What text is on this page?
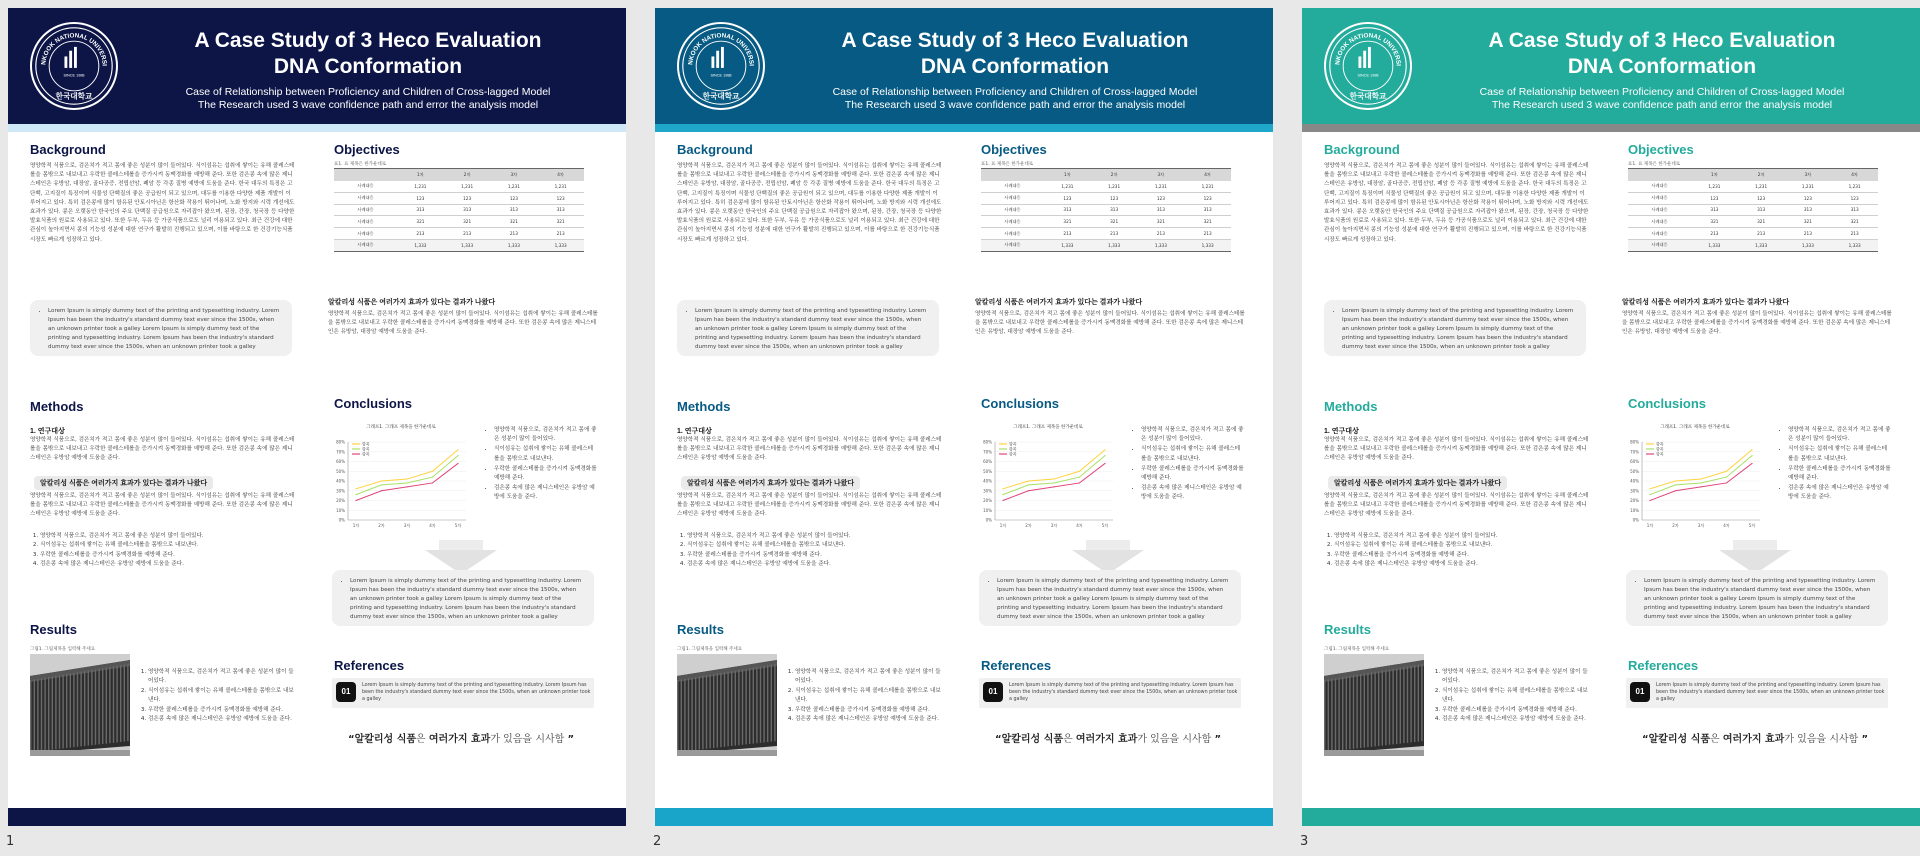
NKOOK NATIONAL UNIVERSI
SINCE 1988
한국대학교
A Case Study of 3 Heco Evaluation
DNA Conformation
Case of Relationship between Proficiency and Children of Cross-lagged Model
The Research used 3 wave confidence path and error the analysis model
Background
영양학적 식품으로, 검은치가 적고 몸에 좋은 성분이 많이 들어있다. 식이섬유는 섭취에 쌓이는 유해 콜레스테롤을 몸밖으로 내보내고 우락한 콜레스테롤을 증가시켜 동맥경화를 예방해 준다. 또한 검은콩 속에 많은 제니스테인은 유방암, 대장암, 골다공증, 전립선암, 폐암 등 각종 질병 예방에 도움을 준다. 한국 대두의 특징은 고단백, 고지질이 특징이며 식물성 단백질의 좋은 공급원이 되고 있으며, 대두를 이용한 다양한 제품 개발이 이루어지고 있다. 특히 검은콩에 많이 함유된 안토시아닌은 항산화 작용이 뛰어나며, 노화 방지와 시력 개선에도 효과가 있다. 콩은 오랫동안 한국인의 주요 단백질 공급원으로 자리잡아 왔으며, 된장, 간장, 청국장 등 다양한 발효식품의 원료로 사용되고 있다. 또한 두부, 두유 등 가공식품으로도 널리 이용되고 있다. 최근 건강에 대한 관심이 높아지면서 콩의 기능성 성분에 대한 연구가 활발히 진행되고 있으며, 이를 바탕으로 한 건강기능식품 시장도 빠르게 성장하고 있다.
• Lorem Ipsum is simply dummy text of the printing and typesetting industry. Lorem Ipsum has been the industry's standard dummy text ever since the 1500s, when an unknown printer took a galley Lorem Ipsum is simply dummy text of the printing and typesetting industry. Lorem Ipsum has been the industry's standard dummy text ever since the 1500s, when an unknown printer took a galley
Methods
1. 연구대상
영양학적 식품으로, 검은치가 적고 몸에 좋은 성분이 많이 들어있다. 식이섬유는 섭취에 쌓이는 유해 콜레스테롤을 몸밖으로 내보내고 우락한 콜레스테롤을 증가시켜 동맥경화를 예방해 준다. 또한 검은콩 속에 많은 제니스테인은 유방암 예방에 도움을 준다.
알칼리성 식품은 여러가지 효과가 있다는 결과가 나왔다
영양학적 식품으로, 검은치가 적고 몸에 좋은 성분이 많이 들어있다. 식이섬유는 섭취에 쌓이는 유해 콜레스테롤을 몸밖으로 내보내고 우락한 콜레스테롤을 증가시켜 동맥경화를 예방해 준다. 또한 검은콩 속에 많은 제니스테인은 유방암 예방에 도움을 준다.
1. 영양학적 식품으로, 검은치가 적고 몸에 좋은 성분이 많이 들어있다.
2. 식이섬유는 섭취에 쌓이는 유해 콜레스테롤을 몸밖으로 내보낸다.
3. 우락한 콜레스테롤을 증가시켜 동맥경화를 예방해 준다.
4. 검은콩 속에 많은 제니스테인은 유방암 예방에 도움을 준다.
Results
그림1. 그림제목을 입력해 주세요
1. 영양학적 식품으로, 검은치가 적고 몸에 좋은 성분이 많이 들어있다.
2. 식이섬유는 섭취에 쌓이는 유해 콜레스테롤을 몸밖으로 내보낸다.
3. 우락한 콜레스테롤을 증가시켜 동맥경화를 예방해 준다.
4. 검은콩 속에 많은 제니스테인은 유방암 예방에 도움을 준다.
Objectives
표1. 표 제목은 한가운데로
	1차	2차	3차	4차
사례대응	1,231	1,231	1,231	1,231
사례대응	123	123	123	123
사례대응	313	313	313	313
사례대응	321	321	321	321
사례대응	213	213	213	213
사례대응	1,333	1,333	1,333	1,333
알칼리성 식품은 여러가지 효과가 있다는 결과가 나왔다
영양학적 식품으로, 검은치가 적고 몸에 좋은 성분이 많이 들어있다. 식이섬유는 섭취에 쌓이는 유해 콜레스테롤을 몸밖으로 내보내고 우락한 콜레스테롤을 증가시켜 동맥경화를 예방해 준다. 또한 검은콩 속에 많은 제니스테인은 유방암, 대장암 예방에 도움을 준다.
Conclusions
그래프1. 그래프 제목을 한가운데로
0%
10%
20%
30%
40%
50%
60%
70%
80%
1차	2차	3차	4차	5차
항목
항목
항목
• 영양학적 식품으로, 검은치가 적고 몸에 좋은 성분이 많이 들어있다.
• 식이섬유는 섭취에 쌓이는 유해 콜레스테롤을 몸밖으로 내보낸다.
• 우락한 콜레스테롤을 증가시켜 동맥경화를 예방해 준다.
• 검은콩 속에 많은 제니스테인은 유방암 예방에 도움을 준다.
• Lorem Ipsum is simply dummy text of the printing and typesetting industry. Lorem Ipsum has been the industry's standard dummy text ever since the 1500s, when an unknown printer took a galley Lorem Ipsum is simply dummy text of the printing and typesetting industry. Lorem Ipsum has been the industry's standard dummy text ever since the 1500s, when an unknown printer took a galley
References
01
Lorem Ipsum is simply dummy text of the printing and typesetting industry. Lorem Ipsum has been the industry's standard dummy text ever since the 1500s, when an unknown printer took a galley
“알칼리성 식품은 여러가지 효과가 있음을 시사함 ”
1
NKOOK NATIONAL UNIVERSI
SINCE 1988
한국대학교
A Case Study of 3 Heco Evaluation
DNA Conformation
Case of Relationship between Proficiency and Children of Cross-lagged Model
The Research used 3 wave confidence path and error the analysis model
Background
영양학적 식품으로, 검은치가 적고 몸에 좋은 성분이 많이 들어있다. 식이섬유는 섭취에 쌓이는 유해 콜레스테롤을 몸밖으로 내보내고 우락한 콜레스테롤을 증가시켜 동맥경화를 예방해 준다. 또한 검은콩 속에 많은 제니스테인은 유방암, 대장암, 골다공증, 전립선암, 폐암 등 각종 질병 예방에 도움을 준다. 한국 대두의 특징은 고단백, 고지질이 특징이며 식물성 단백질의 좋은 공급원이 되고 있으며, 대두를 이용한 다양한 제품 개발이 이루어지고 있다. 특히 검은콩에 많이 함유된 안토시아닌은 항산화 작용이 뛰어나며, 노화 방지와 시력 개선에도 효과가 있다. 콩은 오랫동안 한국인의 주요 단백질 공급원으로 자리잡아 왔으며, 된장, 간장, 청국장 등 다양한 발효식품의 원료로 사용되고 있다. 또한 두부, 두유 등 가공식품으로도 널리 이용되고 있다. 최근 건강에 대한 관심이 높아지면서 콩의 기능성 성분에 대한 연구가 활발히 진행되고 있으며, 이를 바탕으로 한 건강기능식품 시장도 빠르게 성장하고 있다.
• Lorem Ipsum is simply dummy text of the printing and typesetting industry. Lorem Ipsum has been the industry's standard dummy text ever since the 1500s, when an unknown printer took a galley Lorem Ipsum is simply dummy text of the printing and typesetting industry. Lorem Ipsum has been the industry's standard dummy text ever since the 1500s, when an unknown printer took a galley
Methods
1. 연구대상
영양학적 식품으로, 검은치가 적고 몸에 좋은 성분이 많이 들어있다. 식이섬유는 섭취에 쌓이는 유해 콜레스테롤을 몸밖으로 내보내고 우락한 콜레스테롤을 증가시켜 동맥경화를 예방해 준다. 또한 검은콩 속에 많은 제니스테인은 유방암 예방에 도움을 준다.
알칼리성 식품은 여러가지 효과가 있다는 결과가 나왔다
영양학적 식품으로, 검은치가 적고 몸에 좋은 성분이 많이 들어있다. 식이섬유는 섭취에 쌓이는 유해 콜레스테롤을 몸밖으로 내보내고 우락한 콜레스테롤을 증가시켜 동맥경화를 예방해 준다. 또한 검은콩 속에 많은 제니스테인은 유방암 예방에 도움을 준다.
1. 영양학적 식품으로, 검은치가 적고 몸에 좋은 성분이 많이 들어있다.
2. 식이섬유는 섭취에 쌓이는 유해 콜레스테롤을 몸밖으로 내보낸다.
3. 우락한 콜레스테롤을 증가시켜 동맥경화를 예방해 준다.
4. 검은콩 속에 많은 제니스테인은 유방암 예방에 도움을 준다.
Results
그림1. 그림제목을 입력해 주세요
1. 영양학적 식품으로, 검은치가 적고 몸에 좋은 성분이 많이 들어있다.
2. 식이섬유는 섭취에 쌓이는 유해 콜레스테롤을 몸밖으로 내보낸다.
3. 우락한 콜레스테롤을 증가시켜 동맥경화를 예방해 준다.
4. 검은콩 속에 많은 제니스테인은 유방암 예방에 도움을 준다.
Objectives
표1. 표 제목은 한가운데로
	1차	2차	3차	4차
사례대응	1,231	1,231	1,231	1,231
사례대응	123	123	123	123
사례대응	313	313	313	313
사례대응	321	321	321	321
사례대응	213	213	213	213
사례대응	1,333	1,333	1,333	1,333
알칼리성 식품은 여러가지 효과가 있다는 결과가 나왔다
영양학적 식품으로, 검은치가 적고 몸에 좋은 성분이 많이 들어있다. 식이섬유는 섭취에 쌓이는 유해 콜레스테롤을 몸밖으로 내보내고 우락한 콜레스테롤을 증가시켜 동맥경화를 예방해 준다. 또한 검은콩 속에 많은 제니스테인은 유방암, 대장암 예방에 도움을 준다.
Conclusions
그래프1. 그래프 제목을 한가운데로
0%
10%
20%
30%
40%
50%
60%
70%
80%
1차	2차	3차	4차	5차
항목
항목
항목
• 영양학적 식품으로, 검은치가 적고 몸에 좋은 성분이 많이 들어있다.
• 식이섬유는 섭취에 쌓이는 유해 콜레스테롤을 몸밖으로 내보낸다.
• 우락한 콜레스테롤을 증가시켜 동맥경화를 예방해 준다.
• 검은콩 속에 많은 제니스테인은 유방암 예방에 도움을 준다.
• Lorem Ipsum is simply dummy text of the printing and typesetting industry. Lorem Ipsum has been the industry's standard dummy text ever since the 1500s, when an unknown printer took a galley Lorem Ipsum is simply dummy text of the printing and typesetting industry. Lorem Ipsum has been the industry's standard dummy text ever since the 1500s, when an unknown printer took a galley
References
01
Lorem Ipsum is simply dummy text of the printing and typesetting industry. Lorem Ipsum has been the industry's standard dummy text ever since the 1500s, when an unknown printer took a galley
“알칼리성 식품은 여러가지 효과가 있음을 시사함 ”
2
NKOOK NATIONAL UNIVERSI
SINCE 1988
한국대학교
A Case Study of 3 Heco Evaluation
DNA Conformation
Case of Relationship between Proficiency and Children of Cross-lagged Model
The Research used 3 wave confidence path and error the analysis model
Background
영양학적 식품으로, 검은치가 적고 몸에 좋은 성분이 많이 들어있다. 식이섬유는 섭취에 쌓이는 유해 콜레스테롤을 몸밖으로 내보내고 우락한 콜레스테롤을 증가시켜 동맥경화를 예방해 준다. 또한 검은콩 속에 많은 제니스테인은 유방암, 대장암, 골다공증, 전립선암, 폐암 등 각종 질병 예방에 도움을 준다. 한국 대두의 특징은 고단백, 고지질이 특징이며 식물성 단백질의 좋은 공급원이 되고 있으며, 대두를 이용한 다양한 제품 개발이 이루어지고 있다. 특히 검은콩에 많이 함유된 안토시아닌은 항산화 작용이 뛰어나며, 노화 방지와 시력 개선에도 효과가 있다. 콩은 오랫동안 한국인의 주요 단백질 공급원으로 자리잡아 왔으며, 된장, 간장, 청국장 등 다양한 발효식품의 원료로 사용되고 있다. 또한 두부, 두유 등 가공식품으로도 널리 이용되고 있다. 최근 건강에 대한 관심이 높아지면서 콩의 기능성 성분에 대한 연구가 활발히 진행되고 있으며, 이를 바탕으로 한 건강기능식품 시장도 빠르게 성장하고 있다.
• Lorem Ipsum is simply dummy text of the printing and typesetting industry. Lorem Ipsum has been the industry's standard dummy text ever since the 1500s, when an unknown printer took a galley Lorem Ipsum is simply dummy text of the printing and typesetting industry. Lorem Ipsum has been the industry's standard dummy text ever since the 1500s, when an unknown printer took a galley
Methods
1. 연구대상
영양학적 식품으로, 검은치가 적고 몸에 좋은 성분이 많이 들어있다. 식이섬유는 섭취에 쌓이는 유해 콜레스테롤을 몸밖으로 내보내고 우락한 콜레스테롤을 증가시켜 동맥경화를 예방해 준다. 또한 검은콩 속에 많은 제니스테인은 유방암 예방에 도움을 준다.
알칼리성 식품은 여러가지 효과가 있다는 결과가 나왔다
영양학적 식품으로, 검은치가 적고 몸에 좋은 성분이 많이 들어있다. 식이섬유는 섭취에 쌓이는 유해 콜레스테롤을 몸밖으로 내보내고 우락한 콜레스테롤을 증가시켜 동맥경화를 예방해 준다. 또한 검은콩 속에 많은 제니스테인은 유방암 예방에 도움을 준다.
1. 영양학적 식품으로, 검은치가 적고 몸에 좋은 성분이 많이 들어있다.
2. 식이섬유는 섭취에 쌓이는 유해 콜레스테롤을 몸밖으로 내보낸다.
3. 우락한 콜레스테롤을 증가시켜 동맥경화를 예방해 준다.
4. 검은콩 속에 많은 제니스테인은 유방암 예방에 도움을 준다.
Results
그림1. 그림제목을 입력해 주세요
1. 영양학적 식품으로, 검은치가 적고 몸에 좋은 성분이 많이 들어있다.
2. 식이섬유는 섭취에 쌓이는 유해 콜레스테롤을 몸밖으로 내보낸다.
3. 우락한 콜레스테롤을 증가시켜 동맥경화를 예방해 준다.
4. 검은콩 속에 많은 제니스테인은 유방암 예방에 도움을 준다.
Objectives
표1. 표 제목은 한가운데로
	1차	2차	3차	4차
사례대응	1,231	1,231	1,231	1,231
사례대응	123	123	123	123
사례대응	313	313	313	313
사례대응	321	321	321	321
사례대응	213	213	213	213
사례대응	1,333	1,333	1,333	1,333
알칼리성 식품은 여러가지 효과가 있다는 결과가 나왔다
영양학적 식품으로, 검은치가 적고 몸에 좋은 성분이 많이 들어있다. 식이섬유는 섭취에 쌓이는 유해 콜레스테롤을 몸밖으로 내보내고 우락한 콜레스테롤을 증가시켜 동맥경화를 예방해 준다. 또한 검은콩 속에 많은 제니스테인은 유방암, 대장암 예방에 도움을 준다.
Conclusions
그래프1. 그래프 제목을 한가운데로
0%
10%
20%
30%
40%
50%
60%
70%
80%
1차	2차	3차	4차	5차
항목
항목
항목
• 영양학적 식품으로, 검은치가 적고 몸에 좋은 성분이 많이 들어있다.
• 식이섬유는 섭취에 쌓이는 유해 콜레스테롤을 몸밖으로 내보낸다.
• 우락한 콜레스테롤을 증가시켜 동맥경화를 예방해 준다.
• 검은콩 속에 많은 제니스테인은 유방암 예방에 도움을 준다.
• Lorem Ipsum is simply dummy text of the printing and typesetting industry. Lorem Ipsum has been the industry's standard dummy text ever since the 1500s, when an unknown printer took a galley Lorem Ipsum is simply dummy text of the printing and typesetting industry. Lorem Ipsum has been the industry's standard dummy text ever since the 1500s, when an unknown printer took a galley
References
01
Lorem Ipsum is simply dummy text of the printing and typesetting industry. Lorem Ipsum has been the industry's standard dummy text ever since the 1500s, when an unknown printer took a galley
“알칼리성 식품은 여러가지 효과가 있음을 시사함 ”
3
